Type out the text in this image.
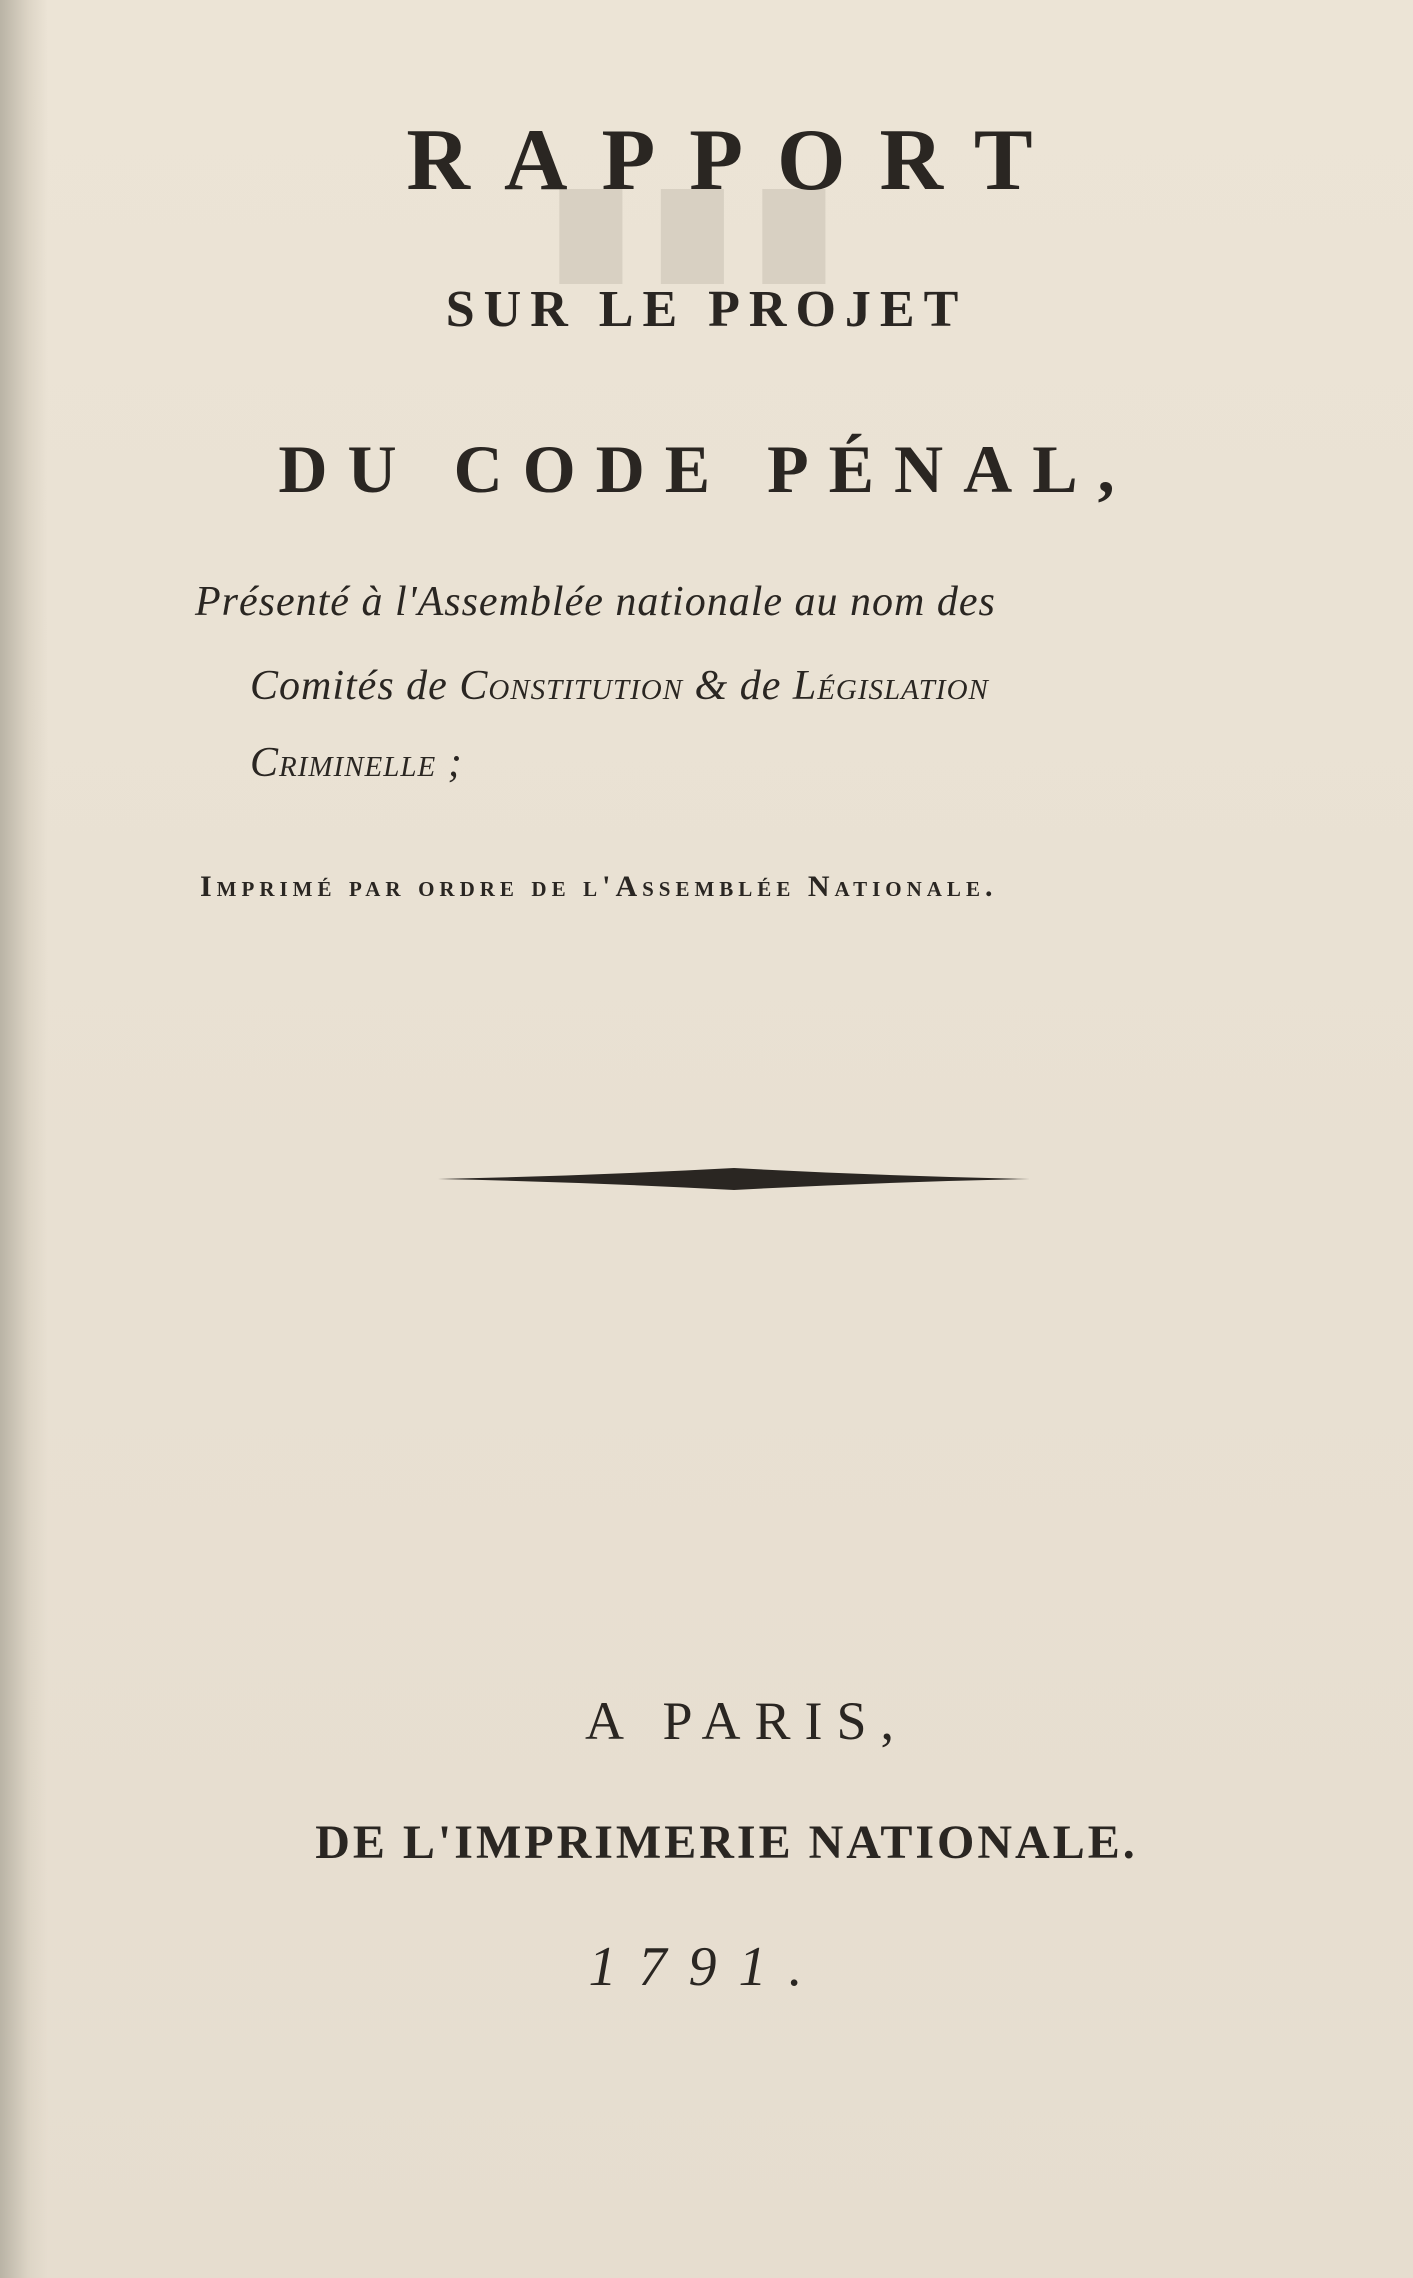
███
RAPPORT
SUR LE PROJET
DU CODE PÉNAL,
Présenté à l'Assemblée nationale au nom des
Comités de Constitution & de Législation
Criminelle ;
Imprimé par ordre de l'Assemblée Nationale.
A PARIS,
DE L'IMPRIMERIE NATIONALE.
1791.
